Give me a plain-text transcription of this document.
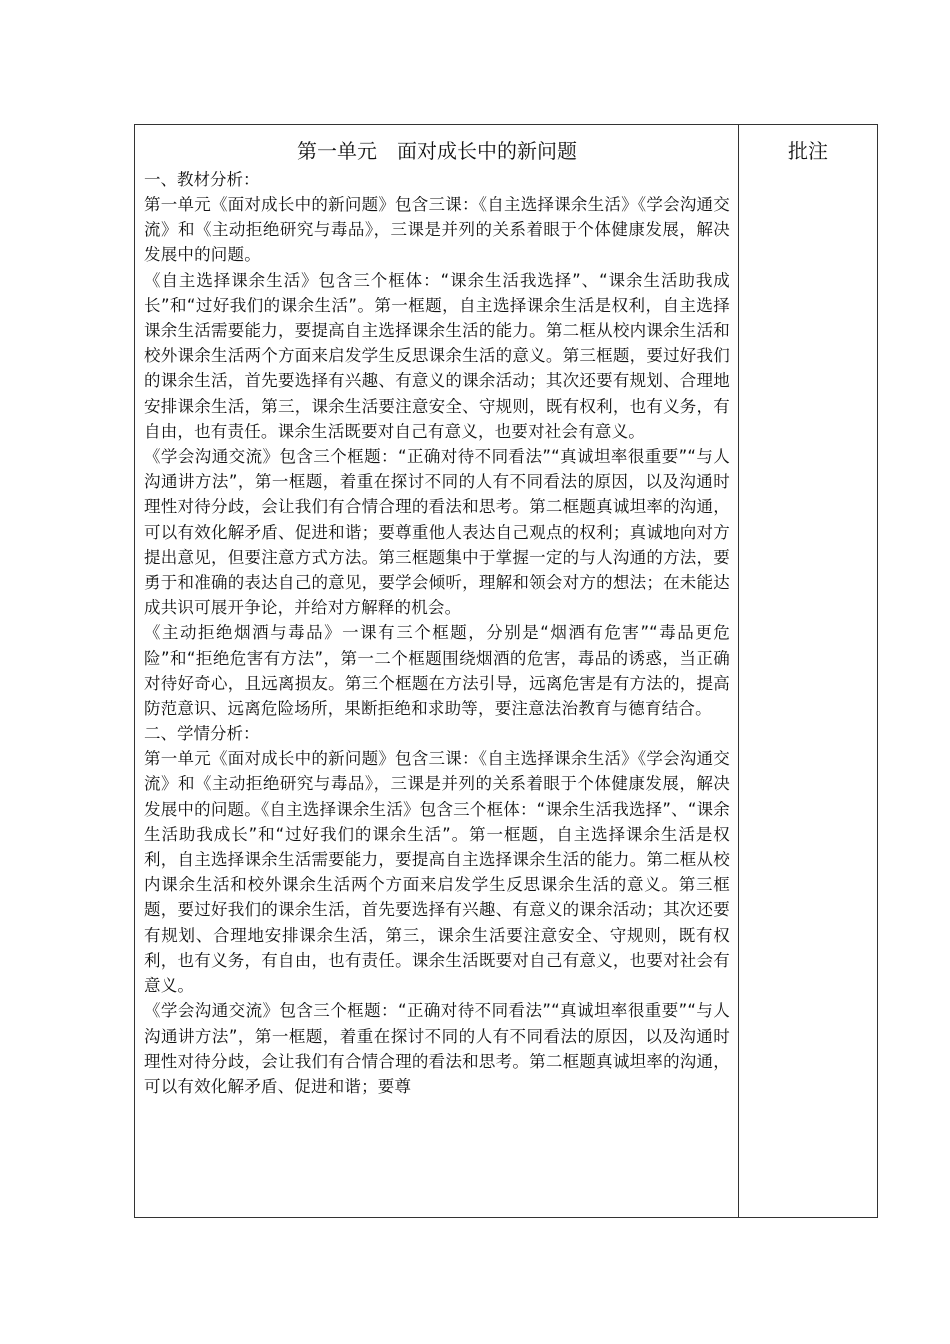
第一单元　面对成长中的新问题
一、教材分析：

第一单元《面对成长中的新问题》包含三课：《自主选择课余生活》《学会沟通交流》和《主动拒绝研究与毒品》，三课是并列的关系着眼于个体健康发展，解决发展中的问题。

《自主选择课余生活》包含三个框体：“课余生活我选择”、“课余生活助我成长”和“过好我们的课余生活”。第一框题，自主选择课余生活是权利，自主选择课余生活需要能力，要提高自主选择课余生活的能力。第二框从校内课余生活和校外课余生活两个方面来启发学生反思课余生活的意义。第三框题，要过好我们的课余生活，首先要选择有兴趣、有意义的课余活动；其次还要有规划、合理地安排课余生活，第三，课余生活要注意安全、守规则，既有权利，也有义务，有自由，也有责任。课余生活既要对自己有意义，也要对社会有意义。

《学会沟通交流》包含三个框题：“正确对待不同看法”“真诚坦率很重要”“与人沟通讲方法”，第一框题，着重在探讨不同的人有不同看法的原因，以及沟通时理性对待分歧，会让我们有合情合理的看法和思考。第二框题真诚坦率的沟通，可以有效化解矛盾、促进和谐；要尊重他人表达自己观点的权利；真诚地向对方提出意见，但要注意方式方法。第三框题集中于掌握一定的与人沟通的方法，要勇于和准确的表达自己的意见，要学会倾听，理解和领会对方的想法；在未能达成共识可展开争论，并给对方解释的机会。

《主动拒绝烟酒与毒品》一课有三个框题，分别是“烟酒有危害”“毒品更危险”和“拒绝危害有方法”，第一二个框题围绕烟酒的危害，毒品的诱惑，当正确对待好奇心，且远离损友。第三个框题在方法引导，远离危害是有方法的，提高防范意识、远离危险场所，果断拒绝和求助等，要注意法治教育与德育结合。

二、学情分析：

第一单元《面对成长中的新问题》包含三课：《自主选择课余生活》《学会沟通交流》和《主动拒绝研究与毒品》，三课是并列的关系着眼于个体健康发展，解决发展中的问题。《自主选择课余生活》包含三个框体：“课余生活我选择”、“课余生活助我成长”和“过好我们的课余生活”。第一框题，自主选择课余生活是权利，自主选择课余生活需要能力，要提高自主选择课余生活的能力。第二框从校内课余生活和校外课余生活两个方面来启发学生反思课余生活的意义。第三框题，要过好我们的课余生活，首先要选择有兴趣、有意义的课余活动；其次还要有规划、合理地安排课余生活，第三，课余生活要注意安全、守规则，既有权利，也有义务，有自由，也有责任。课余生活既要对自己有意义，也要对社会有意义。

《学会沟通交流》包含三个框题：“正确对待不同看法”“真诚坦率很重要”“与人沟通讲方法”，第一框题，着重在探讨不同的人有不同看法的原因，以及沟通时理性对待分歧，会让我们有合情合理的看法和思考。第二框题真诚坦率的沟通，可以有效化解矛盾、促进和谐；要尊

批注
